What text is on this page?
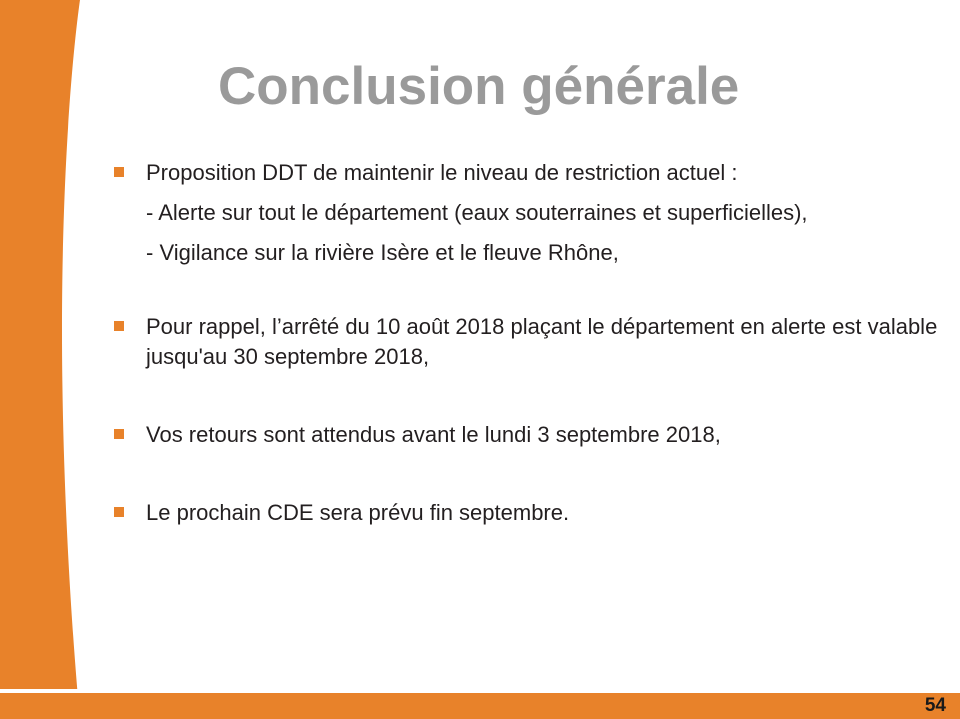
54
Conclusion générale
Proposition DDT de maintenir le niveau de restriction actuel :
- Alerte sur tout le département (eaux souterraines et superficielles),
- Vigilance sur la rivière Isère et le fleuve Rhône,
Pour rappel, l’arrêté du 10 août 2018 plaçant le département en alerte est valable jusqu'au 30 septembre 2018,
Vos retours sont attendus avant le lundi 3 septembre 2018,
Le prochain CDE sera prévu fin septembre.
